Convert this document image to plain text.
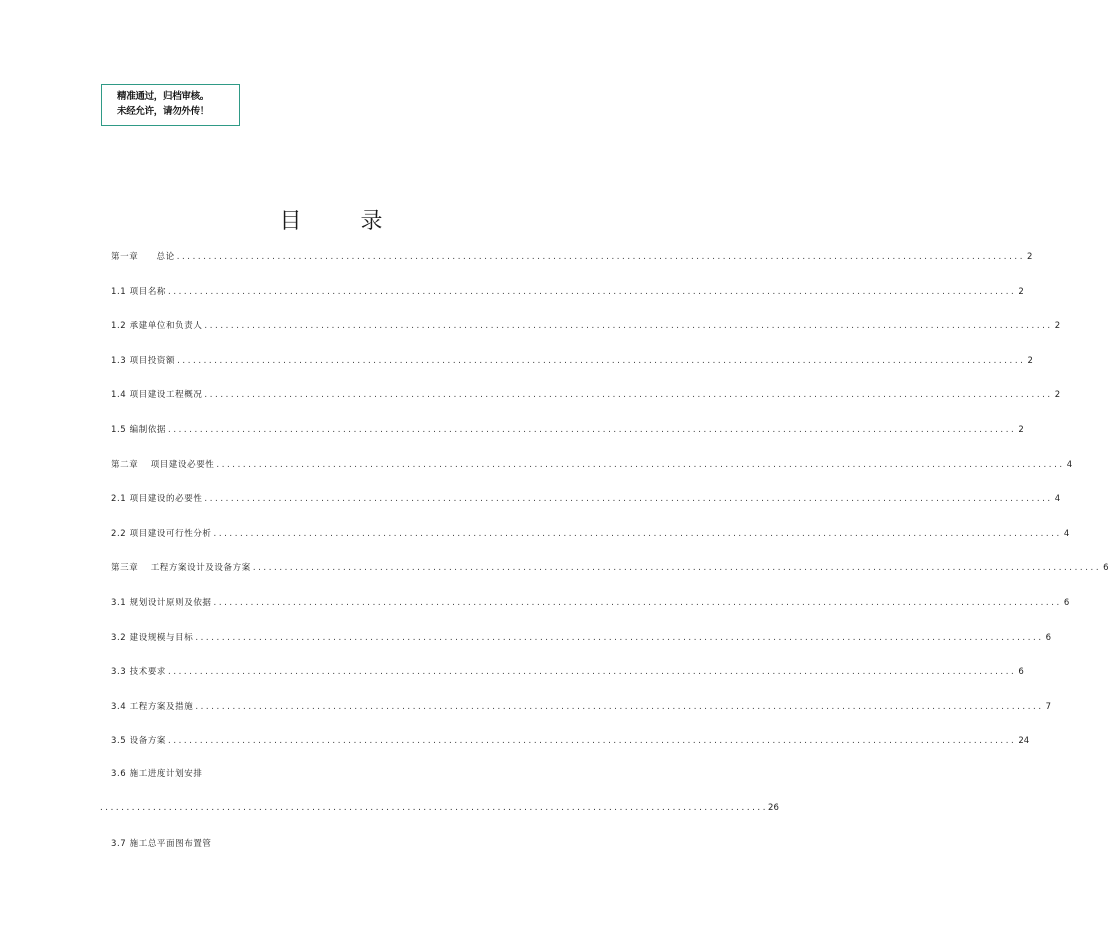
精准通过，归档审核。
未经允许，请勿外传！
目 录
第一章　　总论 ................................................................................................................................................................ 2
1.1 项目名称 ................................................................................................................................................................ 2
1.2 承建单位和负责人 ................................................................................................................................................................ 2
1.3 项目投资额 ................................................................................................................................................................ 2
1.4 项目建设工程概况 ................................................................................................................................................................ 2
1.5 编制依据 ................................................................................................................................................................ 2
第二章　 项目建设必要性 ................................................................................................................................................................ 4
2.1 项目建设的必要性 ................................................................................................................................................................ 4
2.2 项目建设可行性分析 ................................................................................................................................................................ 4
第三章　 工程方案设计及设备方案 ................................................................................................................................................................ 6
3.1 规划设计原则及依据 ................................................................................................................................................................ 6
3.2 建设规模与目标 ................................................................................................................................................................ 6
3.3 技术要求 ................................................................................................................................................................ 6
3.4 工程方案及措施 ................................................................................................................................................................ 7
3.5 设备方案 ................................................................................................................................................................ 24
3.6 施工进度计划安排
.............................................................................................................................. 26
3.7 施工总平面图布置管
